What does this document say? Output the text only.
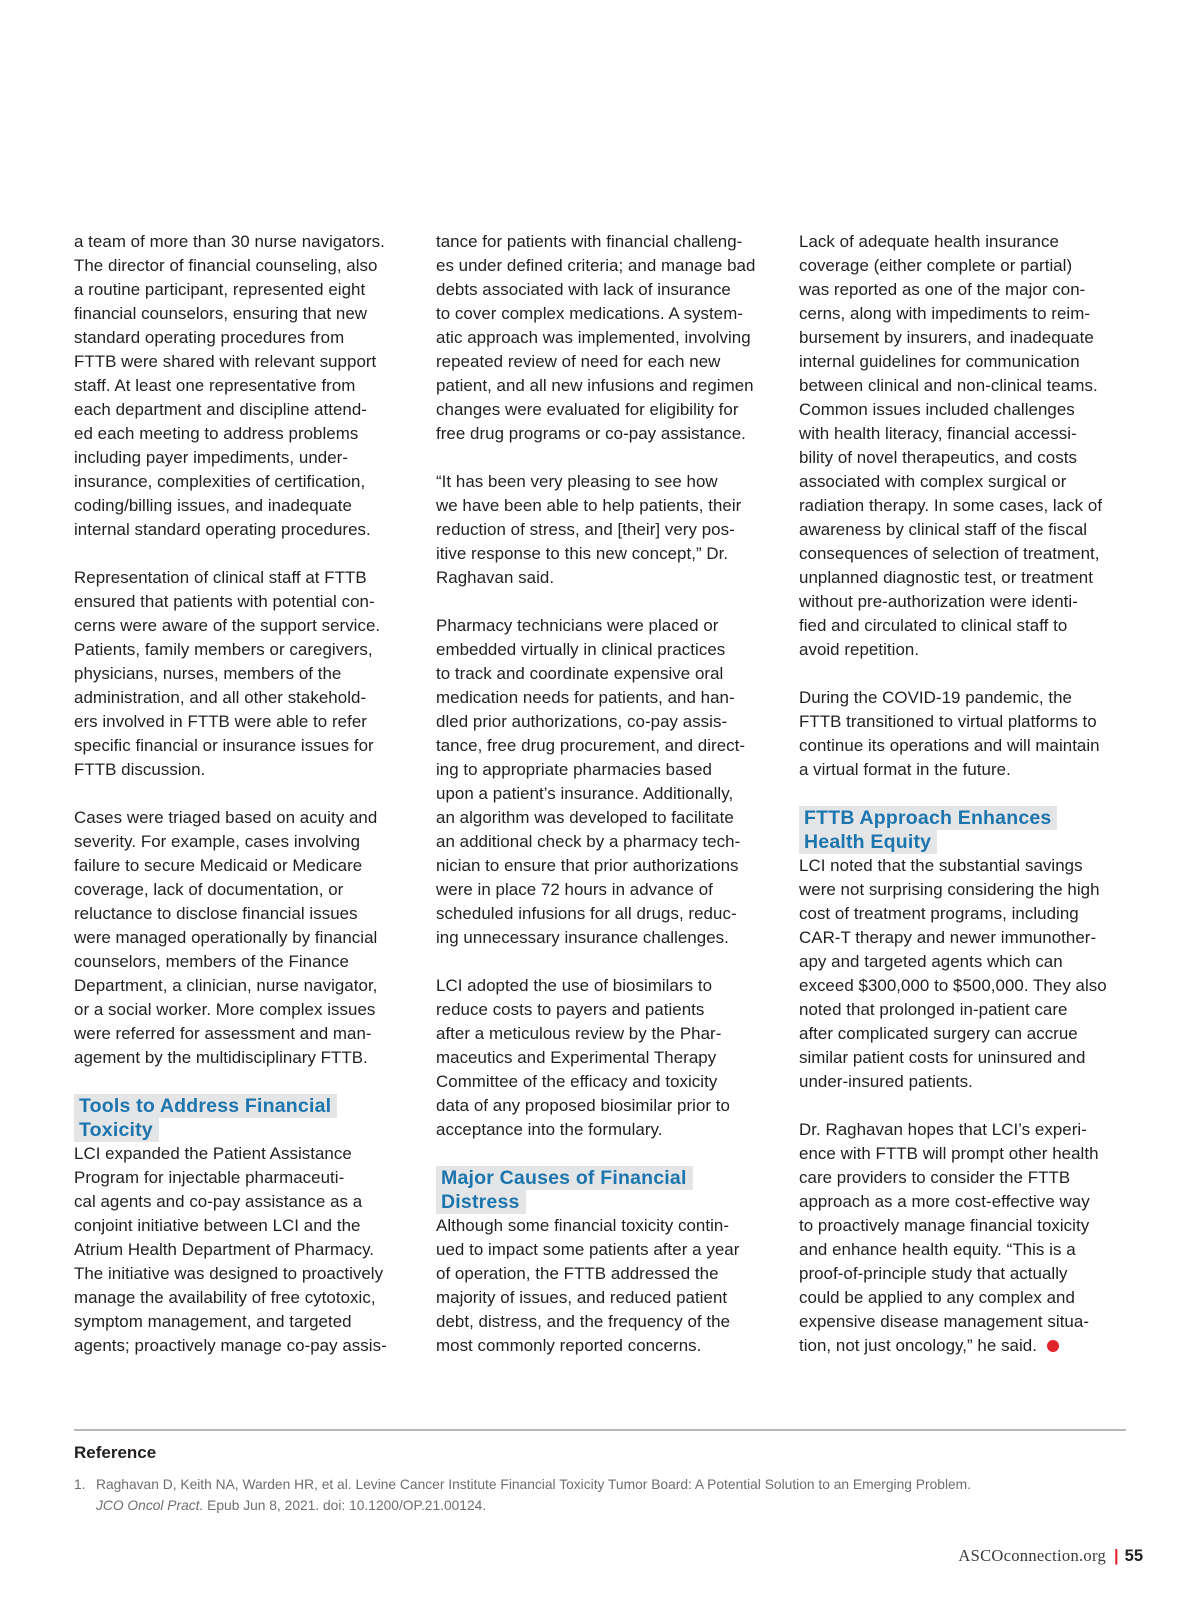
a team of more than 30 nurse navigators.
The director of financial counseling, also
a routine participant, represented eight
financial counselors, ensuring that new
standard operating procedures from
FTTB were shared with relevant support
staff. At least one representative from
each department and discipline attend-
ed each meeting to address problems
including payer impediments, under-
insurance, complexities of certification,
coding/billing issues, and inadequate
internal standard operating procedures.
Representation of clinical staff at FTTB
ensured that patients with potential con-
cerns were aware of the support service.
Patients, family members or caregivers,
physicians, nurses, members of the
administration, and all other stakehold-
ers involved in FTTB were able to refer
specific financial or insurance issues for
FTTB discussion.
Cases were triaged based on acuity and
severity. For example, cases involving
failure to secure Medicaid or Medicare
coverage, lack of documentation, or
reluctance to disclose financial issues
were managed operationally by financial
counselors, members of the Finance
Department, a clinician, nurse navigator,
or a social worker. More complex issues
were referred for assessment and man-
agement by the multidisciplinary FTTB.
Tools to Address Financial
Toxicity
LCI expanded the Patient Assistance
Program for injectable pharmaceuti-
cal agents and co-pay assistance as a
conjoint initiative between LCI and the
Atrium Health Department of Pharmacy.
The initiative was designed to proactively
manage the availability of free cytotoxic,
symptom management, and targeted
agents; proactively manage co-pay assis-
tance for patients with financial challeng-
es under defined criteria; and manage bad
debts associated with lack of insurance
to cover complex medications. A system-
atic approach was implemented, involving
repeated review of need for each new
patient, and all new infusions and regimen
changes were evaluated for eligibility for
free drug programs or co-pay assistance.
“It has been very pleasing to see how
we have been able to help patients, their
reduction of stress, and [their] very pos-
itive response to this new concept,” Dr.
Raghavan said.
Pharmacy technicians were placed or
embedded virtually in clinical practices
to track and coordinate expensive oral
medication needs for patients, and han-
dled prior authorizations, co-pay assis-
tance, free drug procurement, and direct-
ing to appropriate pharmacies based
upon a patient’s insurance. Additionally,
an algorithm was developed to facilitate
an additional check by a pharmacy tech-
nician to ensure that prior authorizations
were in place 72 hours in advance of
scheduled infusions for all drugs, reduc-
ing unnecessary insurance challenges.
LCI adopted the use of biosimilars to
reduce costs to payers and patients
after a meticulous review by the Phar-
maceutics and Experimental Therapy
Committee of the efficacy and toxicity
data of any proposed biosimilar prior to
acceptance into the formulary.
Major Causes of Financial
Distress
Although some financial toxicity contin-
ued to impact some patients after a year
of operation, the FTTB addressed the
majority of issues, and reduced patient
debt, distress, and the frequency of the
most commonly reported concerns.
Lack of adequate health insurance
coverage (either complete or partial)
was reported as one of the major con-
cerns, along with impediments to reim-
bursement by insurers, and inadequate
internal guidelines for communication
between clinical and non-clinical teams.
Common issues included challenges
with health literacy, financial accessi-
bility of novel therapeutics, and costs
associated with complex surgical or
radiation therapy. In some cases, lack of
awareness by clinical staff of the fiscal
consequences of selection of treatment,
unplanned diagnostic test, or treatment
without pre-authorization were identi-
fied and circulated to clinical staff to
avoid repetition.
During the COVID-19 pandemic, the
FTTB transitioned to virtual platforms to
continue its operations and will maintain
a virtual format in the future.
FTTB Approach Enhances
Health Equity
LCI noted that the substantial savings
were not surprising considering the high
cost of treatment programs, including
CAR-T therapy and newer immunother-
apy and targeted agents which can
exceed $300,000 to $500,000. They also
noted that prolonged in-patient care
after complicated surgery can accrue
similar patient costs for uninsured and
under-insured patients.
Dr. Raghavan hopes that LCI’s experi-
ence with FTTB will prompt other health
care providers to consider the FTTB
approach as a more cost-effective way
to proactively manage financial toxicity
and enhance health equity. “This is a
proof-of-principle study that actually
could be applied to any complex and
expensive disease management situa-
tion, not just oncology,” he said.
Reference
1. Raghavan D, Keith NA, Warden HR, et al. Levine Cancer Institute Financial Toxicity Tumor Board: A Potential Solution to an Emerging Problem.
JCO Oncol Pract. Epub Jun 8, 2021. doi: 10.1200/OP.21.00124.
ASCOconnection.org | 55
